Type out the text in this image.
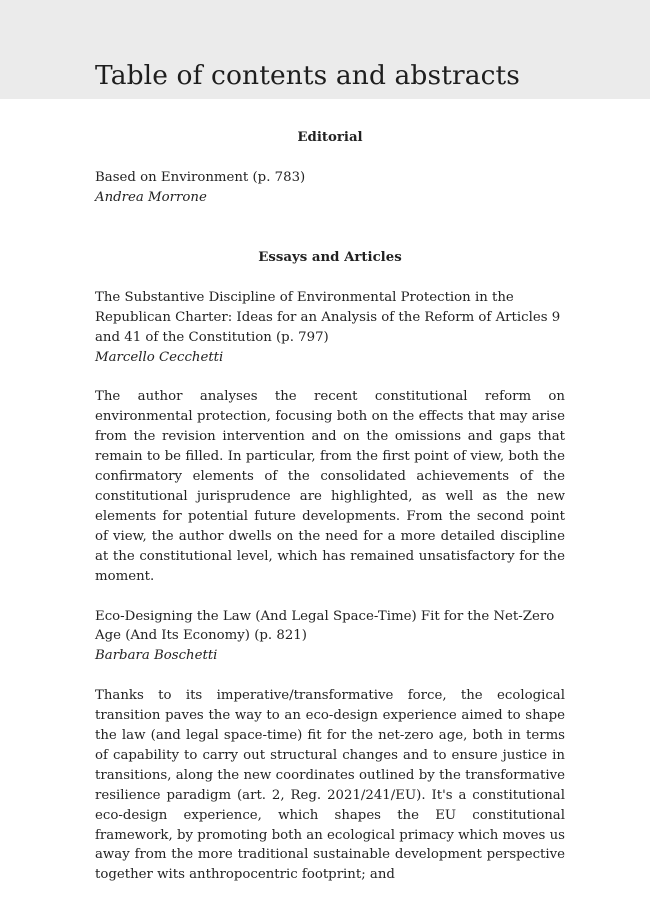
Table of contents and abstracts

Editorial

Based on Environment (p. 783)
Andrea Morrone

Essays and Articles

The Substantive Discipline of Environmental Protection in the Republican Charter: Ideas for an Analysis of the Reform of Articles 9 and 41 of the Constitution (p. 797)
Marcello Cecchetti

The author analyses the recent constitutional reform on environmental protection, focusing both on the effects that may arise from the revision intervention and on the omissions and gaps that remain to be filled. In particular, from the first point of view, both the confirmatory elements of the consolidated achievements of the constitutional jurisprudence are highlighted, as well as the new elements for potential future developments. From the second point of view, the author dwells on the need for a more detailed discipline at the constitutional level, which has remained unsatisfactory for the moment.

Eco-Designing the Law (And Legal Space-Time) Fit for the Net-Zero Age (And Its Economy) (p. 821)
Barbara Boschetti

Thanks to its imperative/transformative force, the ecological transition paves the way to an eco-design experience aimed to shape the law (and legal space-time) fit for the net-zero age, both in terms of capability to carry out structural changes and to ensure justice in transitions, along the new coordinates outlined by the transformative resilience paradigm (art. 2, Reg. 2021/241/EU). It's a constitutional eco-design experience, which shapes the EU constitutional framework, by promoting both an ecological primacy which moves us away from the more traditional sustainable development perspective together wits anthropocentric footprint; and
